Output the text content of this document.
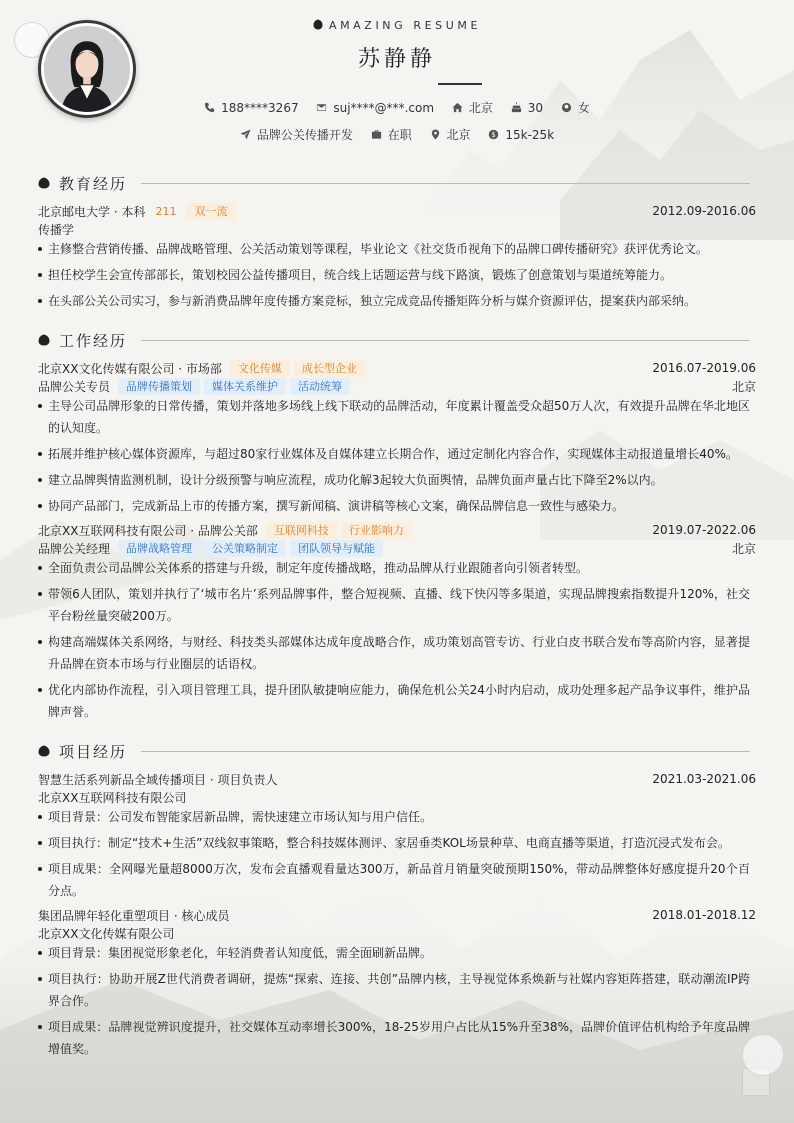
AMAZING RESUME
苏静静
188****3267
	suj****@***.com
	北京
	30
	女
品牌公关传播开发
	在职
	北京
	$ 15k-25k
教育经历
北京邮电大学 · 本科 211	双一流	2012.09-2016.06
传播学
主修整合营销传播、品牌战略管理、公关活动策划等课程，毕业论文《社交货币视角下的品牌口碑传播研究》获评优秀论文。
担任校学生会宣传部部长，策划校园公益传播项目，统合线上话题运营与线下路演，锻炼了创意策划与渠道统筹能力。
在头部公关公司实习，参与新消费品牌年度传播方案竞标，独立完成竞品传播矩阵分析与媒介资源评估，提案获内部采纳。
工作经历
北京XX文化传媒有限公司 · 市场部	文化传媒	成长型企业	2016.07-2019.06
品牌公关专员	品牌传播策划	媒体关系维护	活动统筹	北京
主导公司品牌形象的日常传播，策划并落地多场线上线下联动的品牌活动，年度累计覆盖受众超50万人次，有效提升品牌在华北地区的认知度。
拓展并维护核心媒体资源库，与超过80家行业媒体及自媒体建立长期合作，通过定制化内容合作，实现媒体主动报道量增长40%。
建立品牌舆情监测机制，设计分级预警与响应流程，成功化解3起较大负面舆情，品牌负面声量占比下降至2%以内。
协同产品部门，完成新品上市的传播方案，撰写新闻稿、演讲稿等核心文案，确保品牌信息一致性与感染力。
北京XX互联网科技有限公司 · 品牌公关部	互联网科技	行业影响力	2019.07-2022.06
品牌公关经理	品牌战略管理	公关策略制定	团队领导与赋能	北京
全面负责公司品牌公关体系的搭建与升级，制定年度传播战略，推动品牌从行业跟随者向引领者转型。
带领6人团队，策划并执行了‘城市名片’系列品牌事件，整合短视频、直播、线下快闪等多渠道，实现品牌搜索指数提升120%，社交平台粉丝量突破200万。
构建高端媒体关系网络，与财经、科技类头部媒体达成年度战略合作，成功策划高管专访、行业白皮书联合发布等高阶内容，显著提升品牌在资本市场与行业圈层的话语权。
优化内部协作流程，引入项目管理工具，提升团队敏捷响应能力，确保危机公关24小时内启动，成功处理多起产品争议事件，维护品牌声誉。
项目经历
智慧生活系列新品全域传播项目 · 项目负责人	2021.03-2021.06
北京XX互联网科技有限公司
项目背景：公司发布智能家居新品牌，需快速建立市场认知与用户信任。
项目执行：制定“技术+生活”双线叙事策略，整合科技媒体测评、家居垂类KOL场景种草、电商直播等渠道，打造沉浸式发布会。
项目成果：全网曝光量超8000万次，发布会直播观看量达300万，新品首月销量突破预期150%，带动品牌整体好感度提升20个百分点。
集团品牌年轻化重塑项目 · 核心成员	2018.01-2018.12
北京XX文化传媒有限公司
项目背景：集团视觉形象老化，年轻消费者认知度低，需全面刷新品牌。
项目执行：协助开展Z世代消费者调研，提炼“探索、连接、共创”品牌内核，主导视觉体系焕新与社媒内容矩阵搭建，联动潮流IP跨界合作。
项目成果：品牌视觉辨识度提升，社交媒体互动率增长300%，18-25岁用户占比从15%升至38%，品牌价值评估机构给予年度品牌增值奖。
